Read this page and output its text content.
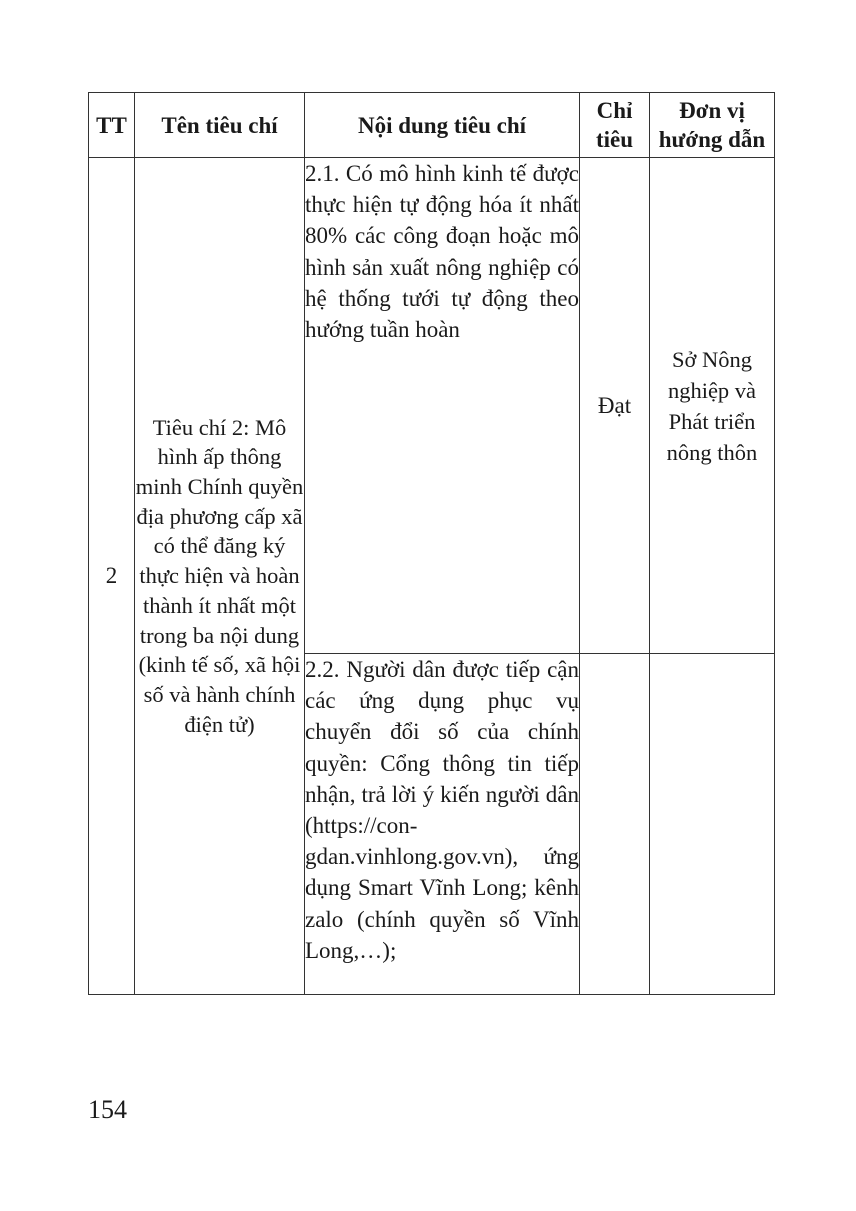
TT	Tên tiêu chí	Nội dung tiêu chí	Chỉ tiêu	Đơn vị hướng dẫn
2	Tiêu chí 2: Mô hình ấp thông minh Chính quyền địa phương cấp xã có thể đăng ký thực hiện và hoàn thành ít nhất một trong ba nội dung (kinh tế số, xã hội số và hành chính điện tử)	2.1. Có mô hình kinh tế được thực hiện tự động hóa ít nhất 80% các công đoạn hoặc mô hình sản xuất nông nghiệp có hệ thống tưới tự động theo hướng tuần hoàn	Đạt	Sở Nông nghiệp và Phát triển nông thôn
		2.2. Người dân được tiếp cận các ứng dụng phục vụ chuyển đổi số của chính quyền: Cổng thông tin tiếp nhận, trả lời ý kiến người dân (https://con-gdan.vinhlong.gov.vn), ứng dụng Smart Vĩnh Long; kênh zalo (chính quyền số Vĩnh Long,…);		
154
